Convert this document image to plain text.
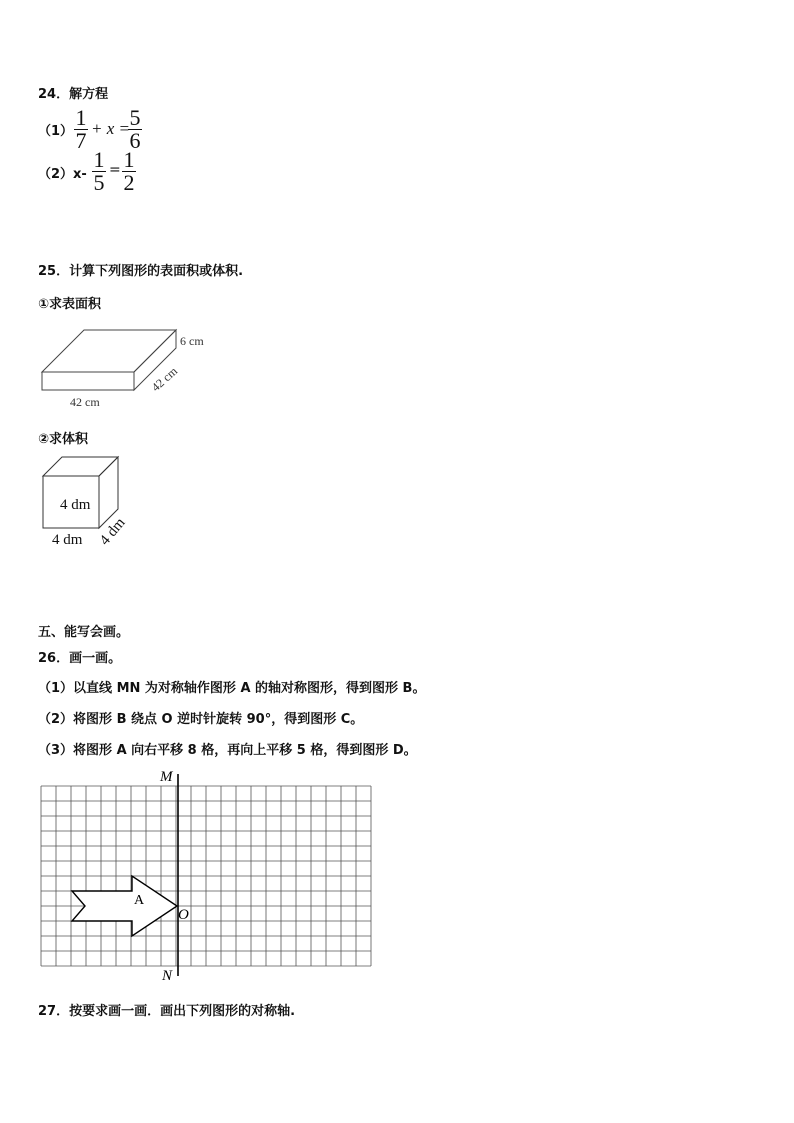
24．解方程
（1）
1
7 + x = 5
6
（2）x-
1
5 = 1
2
25．计算下列图形的表面积或体积.
①求表面积
6 cm
42 cm
42 cm
②求体积
4 dm
4 dm 4 dm
五、能写会画。
26．画一画。
（1）以直线 MN 为对称轴作图形 A 的轴对称图形，得到图形 B。
（2）将图形 B 绕点 O 逆时针旋转 90°，得到图形 C。
（3）将图形 A 向右平移 8 格，再向上平移 5 格，得到图形 D。
M
N
O
A
27．按要求画一画．画出下列图形的对称轴.
